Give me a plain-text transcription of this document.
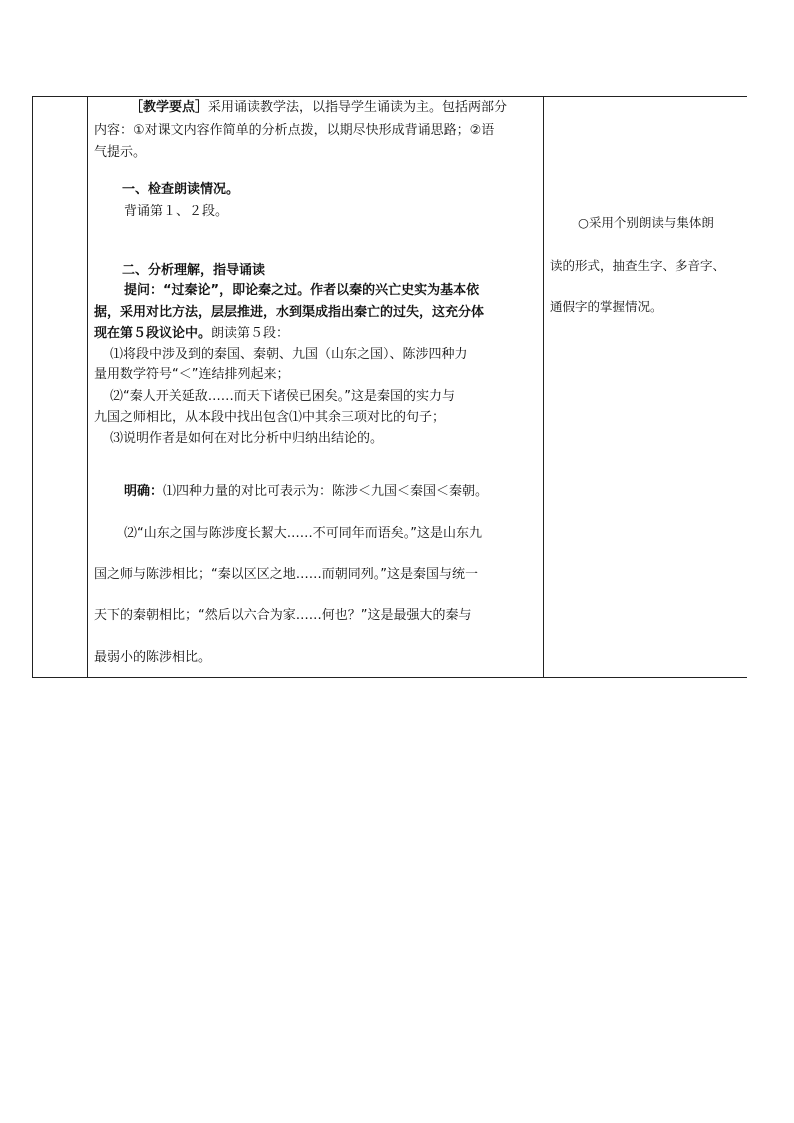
［教学要点］采用诵读教学法，以指导学生诵读为主。包括两部分
内容：①对课文内容作简单的分析点拨，以期尽快形成背诵思路；②语
气提示。
一、检查朗读情况。
背诵第１、２段。
二、分析理解，指导诵读
提问：“过秦论”，即论秦之过。作者以秦的兴亡史实为基本依
据，采用对比方法，层层推进，水到渠成指出秦亡的过失，这充分体
现在第５段议论中。朗读第５段：
⑴将段中涉及到的秦国、秦朝、九国（山东之国）、陈涉四种力
量用数学符号“＜”连结排列起来；
⑵“秦人开关延敌……而天下诸侯已困矣。”这是秦国的实力与
九国之师相比，从本段中找出包含⑴中其余三项对比的句子；
⑶说明作者是如何在对比分析中归纳出结论的。
明确：⑴四种力量的对比可表示为：陈涉＜九国＜秦国＜秦朝。
⑵“山东之国与陈涉度长絜大……不可同年而语矣。”这是山东九
国之师与陈涉相比；“秦以区区之地……而朝同列。”这是秦国与统一
天下的秦朝相比；“然后以六合为家……何也？”这是最强大的秦与
最弱小的陈涉相比。
○采用个别朗读与集体朗
读的形式，抽查生字、多音字、
通假字的掌握情况。
